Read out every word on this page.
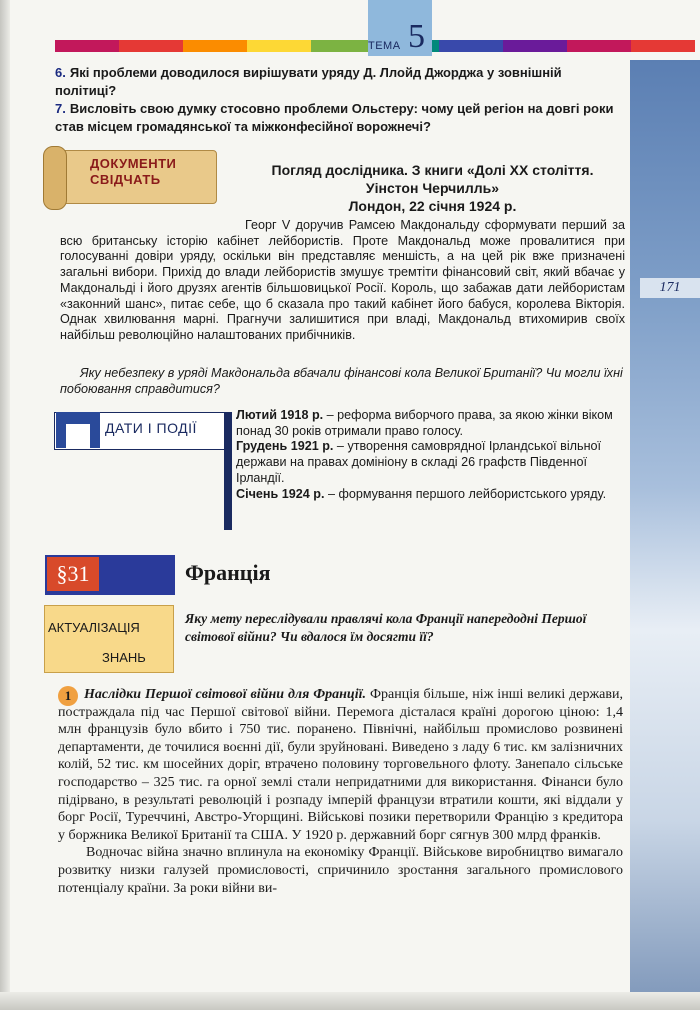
171
ТЕМА 5
6. Які проблеми доводилося вирішувати уряду Д. Ллойд Джорджа у зовнішній політиці?
7. Висловіть свою думку стосовно проблеми Ольстеру: чому цей регіон на довгі роки став місцем громадянської та міжконфесійної ворожнечі?
ДОКУМЕНТИ
СВІДЧАТЬ
Погляд дослідника. З книги «Долі ХХ століття.
Уінстон Черчилль»
Лондон, 22 січня 1924 р.

Георг V доручив Рамсею Макдональду сформувати перший за всю британську історію кабінет лейбористів. Проте Макдональд може провалитися при голосуванні довіри уряду, оскільки він представляє меншість, а на цей рік вже призначені загальні вибори. Прихід до влади лейбористів змушує тремтіти фінансовий світ, який вбачає у Макдональді і його друзях агентів більшовицької Росії. Король, що забажав дати лейбористам «законний шанс», питає себе, що б сказала про такий кабінет його бабуся, королева Вікторія. Однак хвилювання марні. Прагнучи залишитися при владі, Макдональд втихомирив своїх найбільш революційно налаштованих прибічників.

Яку небезпеку в уряді Макдональда вбачали фінансові кола Великої Британії? Чи могли їхні побоювання справдитися?
ДАТИ І ПОДІЇ
Лютий 1918 р. – реформа виборчого права, за якою жінки віком понад 30 років отримали право голосу.
Грудень 1921 р. – утворення самоврядної Ірландської вільної держави на правах домініону в складі 26 графств Південної Ірландії.
Січень 1924 р. – формування першого лейбористського уряду.
§31	Франція
АКТУАЛІЗАЦІЯ
ЗНАНЬ
Яку мету переслідували правлячі кола Франції напередодні Першої світової війни? Чи вдалося їм досягти її?
1 Наслідки Першої світової війни для Франції. Франція більше, ніж інші великі держави, постраждала під час Першої світової війни. Перемога дісталася країні дорогою ціною: 1,4 млн французів було вбито і 750 тис. поранено. Північні, найбільш промислово розвинені департаменти, де точилися воєнні дії, були зруйновані. Виведено з ладу 6 тис. км залізничних колій, 52 тис. км шосейних доріг, втрачено половину торговельного флоту. Занепало сільське господарство – 325 тис. га орної землі стали непридатними для використання. Фінанси було підірвано, в результаті революцій і розпаду імперій французи втратили кошти, які віддали у борг Росії, Туреччині, Австро-Угорщині. Військові позики перетворили Францію з кредитора у боржника Великої Британії та США. У 1920 р. державний борг сягнув 300 млрд франків.

Водночас війна значно вплинула на економіку Франції. Військове виробництво вимагало розвитку низки галузей промисловості, спричинило зростання загального промислового потенціалу країни. За роки війни ви-
